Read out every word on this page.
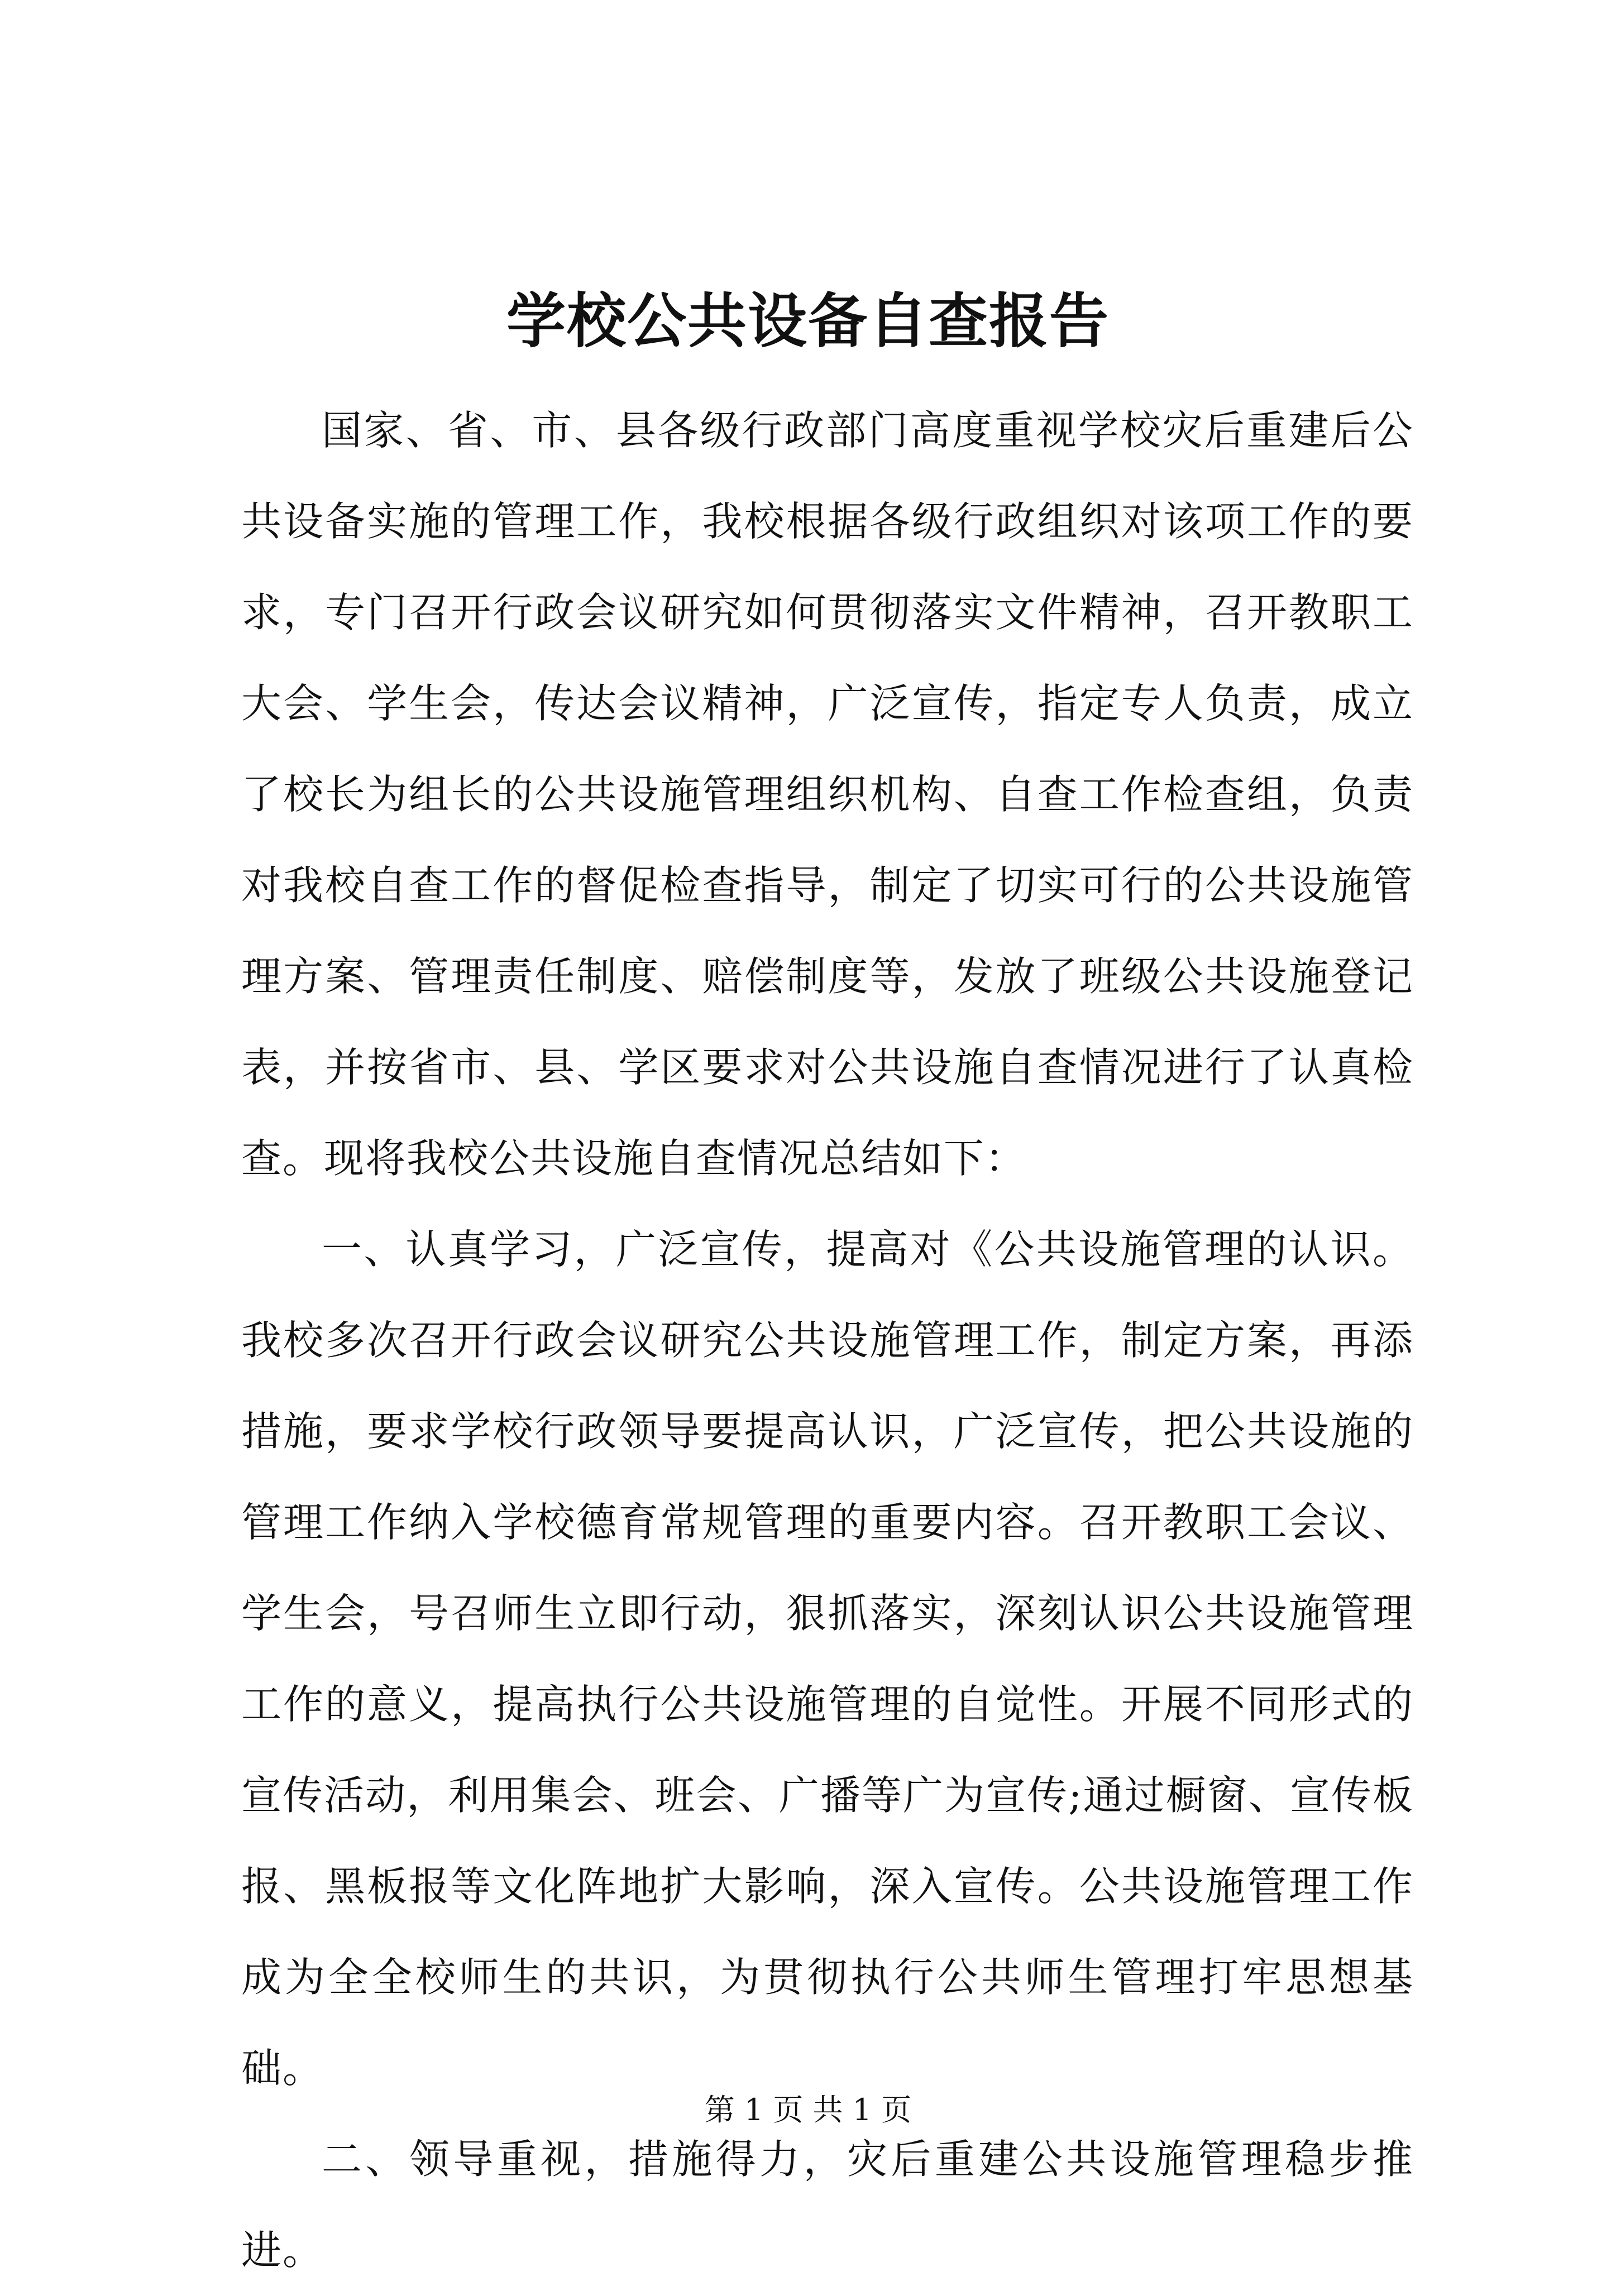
学校公共设备自查报告

国家、省、市、县各级行政部门高度重视学校灾后重建后公共设备实施的管理工作，我校根据各级行政组织对该项工作的要求，专门召开行政会议研究如何贯彻落实文件精神，召开教职工大会、学生会，传达会议精神，广泛宣传，指定专人负责，成立了校长为组长的公共设施管理组织机构、自查工作检查组，负责对我校自查工作的督促检查指导，制定了切实可行的公共设施管理方案、管理责任制度、赔偿制度等，发放了班级公共设施登记表，并按省市、县、学区要求对公共设施自查情况进行了认真检查。现将我校公共设施自查情况总结如下：

一、认真学习，广泛宣传，提高对《公共设施管理的认识。我校多次召开行政会议研究公共设施管理工作，制定方案，再添措施，要求学校行政领导要提高认识，广泛宣传，把公共设施的管理工作纳入学校德育常规管理的重要内容。召开教职工会议、学生会，号召师生立即行动，狠抓落实，深刻认识公共设施管理工作的意义，提高执行公共设施管理的自觉性。开展不同形式的宣传活动，利用集会、班会、广播等广为宣传;通过橱窗、宣传板报、黑板报等文化阵地扩大影响，深入宣传。公共设施管理工作成为全全校师生的共识，为贯彻执行公共师生管理打牢思想基础。

二、领导重视，措施得力，灾后重建公共设施管理稳步推进。

第 1 页 共 1 页
